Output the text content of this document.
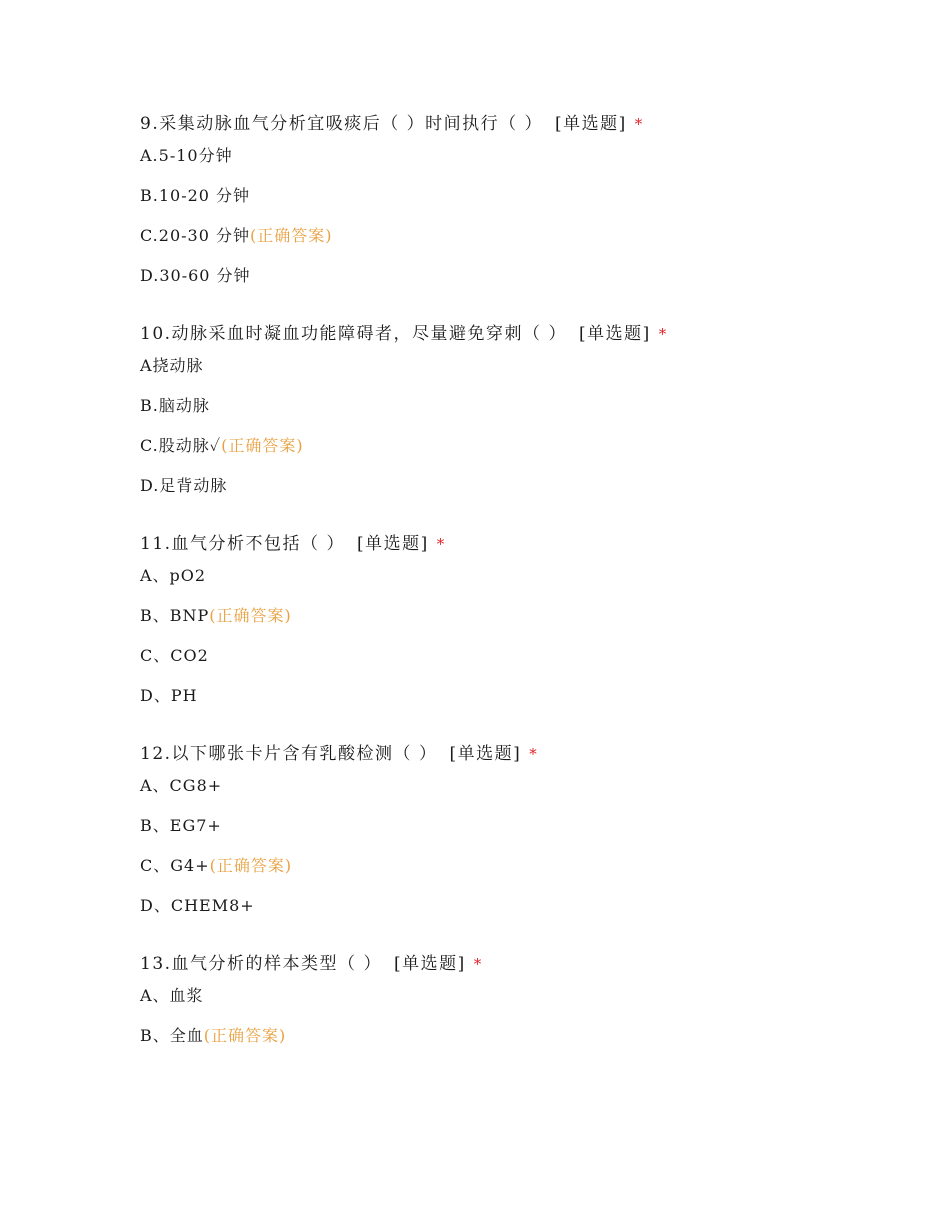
9.采集动脉血气分析宜吸痰后（ ）时间执行（ ） [单选题] *
A.5-10分钟
B.10-20 分钟
C.20-30 分钟(正确答案)
D.30-60 分钟
10.动脉采血时凝血功能障碍者，尽量避免穿刺（ ） [单选题] *
A挠动脉
B.脑动脉
C.股动脉✓(正确答案)
D.足背动脉
11.血气分析不包括（ ） [单选题] *
A、pO2
B、BNP(正确答案)
C、CO2
D、PH
12.以下哪张卡片含有乳酸检测（ ） [单选题] *
A、CG8+
B、EG7+
C、G4+(正确答案)
D、CHEM8+
13.血气分析的样本类型（ ） [单选题] *
A、血浆
B、全血(正确答案)
